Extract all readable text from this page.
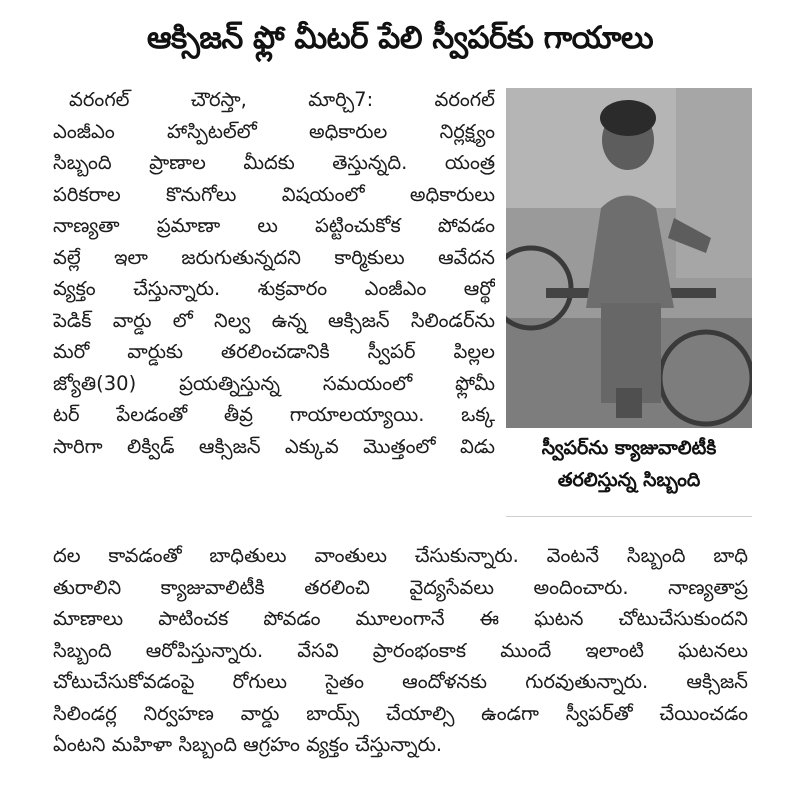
ఆక్సిజన్ ఫ్లో మీటర్ పేలి స్వీపర్‌కు గాయాలు
వరంగల్ చౌరస్తా, మార్చి7: వరంగల్
ఎంజీఎం హాస్పిటల్‌లో అధికారుల నిర్లక్ష్యం
సిబ్బంది ప్రాణాల మీదకు తెస్తున్నది. యంత్ర
పరికరాల కొనుగోలు విషయంలో అధికారులు
నాణ్యతా ప్రమాణా లు పట్టించుకోక పోవడం
వల్లే ఇలా జరుగుతున్నదని కార్మికులు ఆవేదన
వ్యక్తం చేస్తున్నారు. శుక్రవారం ఎంజీఎం ఆర్థో
పెడిక్ వార్డు లో నిల్వ ఉన్న ఆక్సిజన్ సిలిండర్‌ను
మరో వార్డుకు తరలించడానికి స్వీపర్ పిల్లల
జ్యోతి(30) ప్రయత్నిస్తున్న సమయంలో ఫ్లోమీ
టర్ పేలడంతో తీవ్ర గాయాలయ్యాయి. ఒక్క
సారిగా లిక్విడ్ ఆక్సిజన్ ఎక్కువ మొత్తంలో విడు	స్వీపర్‌ను క్యాజువాలిటీకి
తరలిస్తున్న సిబ్బంది
దల కావడంతో బాధితులు వాంతులు చేసుకున్నారు. వెంటనే సిబ్బంది బాధి
తురాలిని క్యాజువాలిటీకి తరలించి వైద్యసేవలు అందించారు. నాణ్యతాప్ర
మాణాలు పాటించక పోవడం మూలంగానే ఈ ఘటన చోటుచేసుకుందని
సిబ్బంది ఆరోపిస్తున్నారు. వేసవి ప్రారంభంకాక ముందే ఇలాంటి ఘటనలు
చోటుచేసుకోవడంపై రోగులు సైతం ఆందోళనకు గురవుతున్నారు. ఆక్సిజన్
సిలిండర్ల నిర్వహణ వార్డు బాయ్స్ చేయాల్సి ఉండగా స్వీపర్‌తో చేయించడం
ఏంటని మహిళా సిబ్బంది ఆగ్రహం వ్యక్తం చేస్తున్నారు.
